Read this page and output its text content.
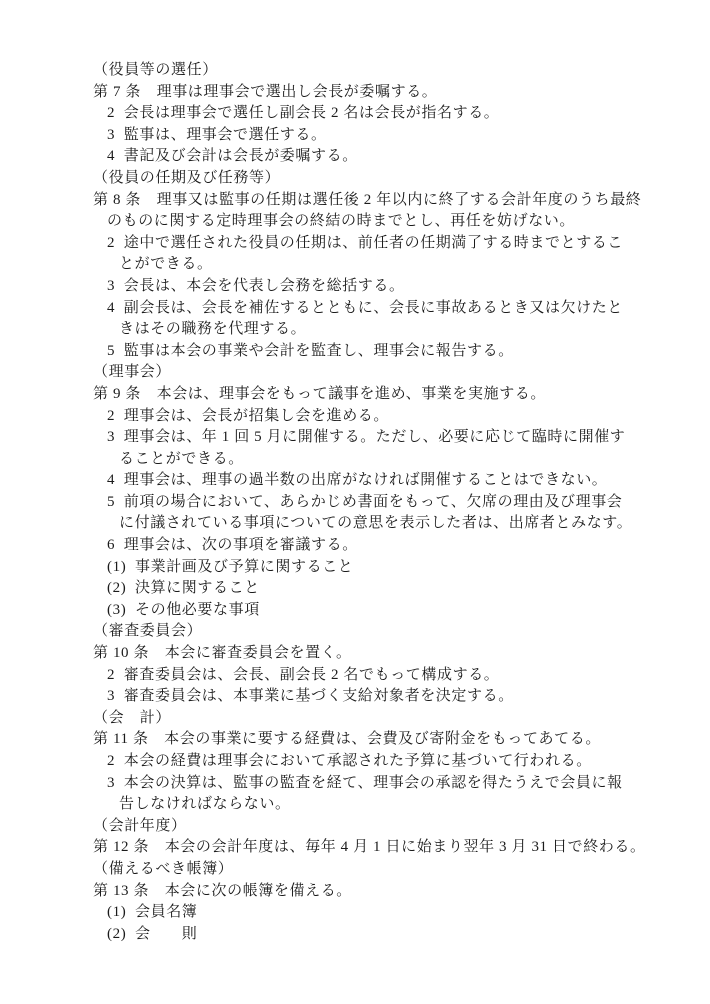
（役員等の選任）
第 7 条　理事は理事会で選出し会長が委嘱する。
2  会長は理事会で選任し副会長 2 名は会長が指名する。
3  監事は、理事会で選任する。
4  書記及び会計は会長が委嘱する。
（役員の任期及び任務等）
第 8 条　理事又は監事の任期は選任後 2 年以内に終了する会計年度のうち最終
のものに関する定時理事会の終結の時までとし、再任を妨げない。
2  途中で選任された役員の任期は、前任者の任期満了する時までとするこ
とができる。
3  会長は、本会を代表し会務を総括する。
4  副会長は、会長を補佐するとともに、会長に事故あるとき又は欠けたと
きはその職務を代理する。
5  監事は本会の事業や会計を監査し、理事会に報告する。
（理事会）
第 9 条　本会は、理事会をもって議事を進め、事業を実施する。
2  理事会は、会長が招集し会を進める。
3  理事会は、年 1 回 5 月に開催する。ただし、必要に応じて臨時に開催す
ることができる。
4  理事会は、理事の過半数の出席がなければ開催することはできない。
5  前項の場合において、あらかじめ書面をもって、欠席の理由及び理事会
に付議されている事項についての意思を表示した者は、出席者とみなす。
6  理事会は、次の事項を審議する。
(1)  事業計画及び予算に関すること
(2)  決算に関すること
(3)  その他必要な事項
（審査委員会）
第 10 条　本会に審査委員会を置く。
2  審査委員会は、会長、副会長 2 名でもって構成する。
3  審査委員会は、本事業に基づく支給対象者を決定する。
（会　計）
第 11 条　本会の事業に要する経費は、会費及び寄附金をもってあてる。
2  本会の経費は理事会において承認された予算に基づいて行われる。
3  本会の決算は、監事の監査を経て、理事会の承認を得たうえで会員に報
告しなければならない。
（会計年度）
第 12 条　本会の会計年度は、毎年 4 月 1 日に始まり翌年 3 月 31 日で終わる。
（備えるべき帳簿）
第 13 条　本会に次の帳簿を備える。
(1)  会員名簿
(2)  会　　則
